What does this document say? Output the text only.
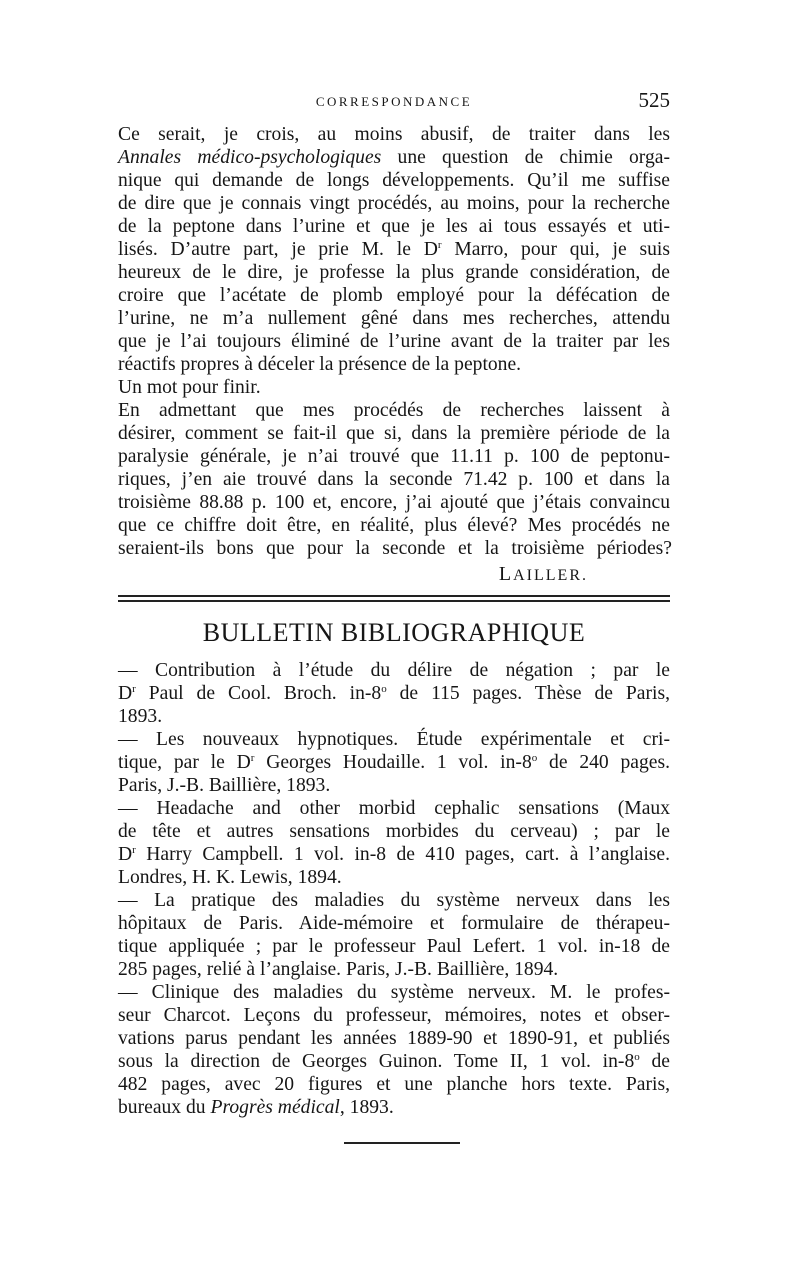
CORRESPONDANCE	525
Ce serait, je crois, au moins abusif, de traiter dans les
Annales médico-psychologiques une question de chimie orga-
nique qui demande de longs développements. Qu’il me suffise
de dire que je connais vingt procédés, au moins, pour la recherche
de la peptone dans l’urine et que je les ai tous essayés et uti-
lisés. D’autre part, je prie M. le $D^r$ Marro, pour qui, je suis
heureux de le dire, je professe la plus grande considération, de
croire que l’acétate de plomb employé pour la défécation de
l’urine, ne m’a nullement gêné dans mes recherches, attendu
que je l’ai toujours éliminé de l’urine avant de la traiter par les
réactifs propres à déceler la présence de la peptone.
Un mot pour finir.
En admettant que mes procédés de recherches laissent à
désirer, comment se fait-il que si, dans la première période de la
paralysie générale, je n’ai trouvé que 11.11 p. 100 de peptonu-
riques, j’en aie trouvé dans la seconde 71.42 p. 100 et dans la
troisième 88.88 p. 100 et, encore, j’ai ajouté que j’étais convaincu
que ce chiffre doit être, en réalité, plus élevé? Mes procédés ne
seraient-ils bons que pour la seconde et la troisième périodes?
LAILLER.
BULLETIN BIBLIOGRAPHIQUE
— Contribution à l’étude du délire de négation ; par le
$D^r$ Paul de Cool. Broch. in-8$^o$ de 115 pages. Thèse de Paris,
1893.
— Les nouveaux hypnotiques. Étude expérimentale et cri-
tique, par le $D^r$ Georges Houdaille. 1 vol. in-8$^o$ de 240 pages.
Paris, J.-B. Baillière, 1893.
— Headache and other morbid cephalic sensations (Maux
de tête et autres sensations morbides du cerveau) ; par le
$D^r$ Harry Campbell. 1 vol. in-8 de 410 pages, cart. à l’anglaise.
Londres, H. K. Lewis, 1894.
— La pratique des maladies du système nerveux dans les
hôpitaux de Paris. Aide-mémoire et formulaire de thérapeu-
tique appliquée ; par le professeur Paul Lefert. 1 vol. in-18 de
285 pages, relié à l’anglaise. Paris, J.-B. Baillière, 1894.
— Clinique des maladies du système nerveux. M. le profes-
seur Charcot. Leçons du professeur, mémoires, notes et obser-
vations parus pendant les années 1889-90 et 1890-91, et publiés
sous la direction de Georges Guinon. Tome II, 1 vol. in-8$^o$ de
482 pages, avec 20 figures et une planche hors texte. Paris,
bureaux du Progrès médical, 1893.
